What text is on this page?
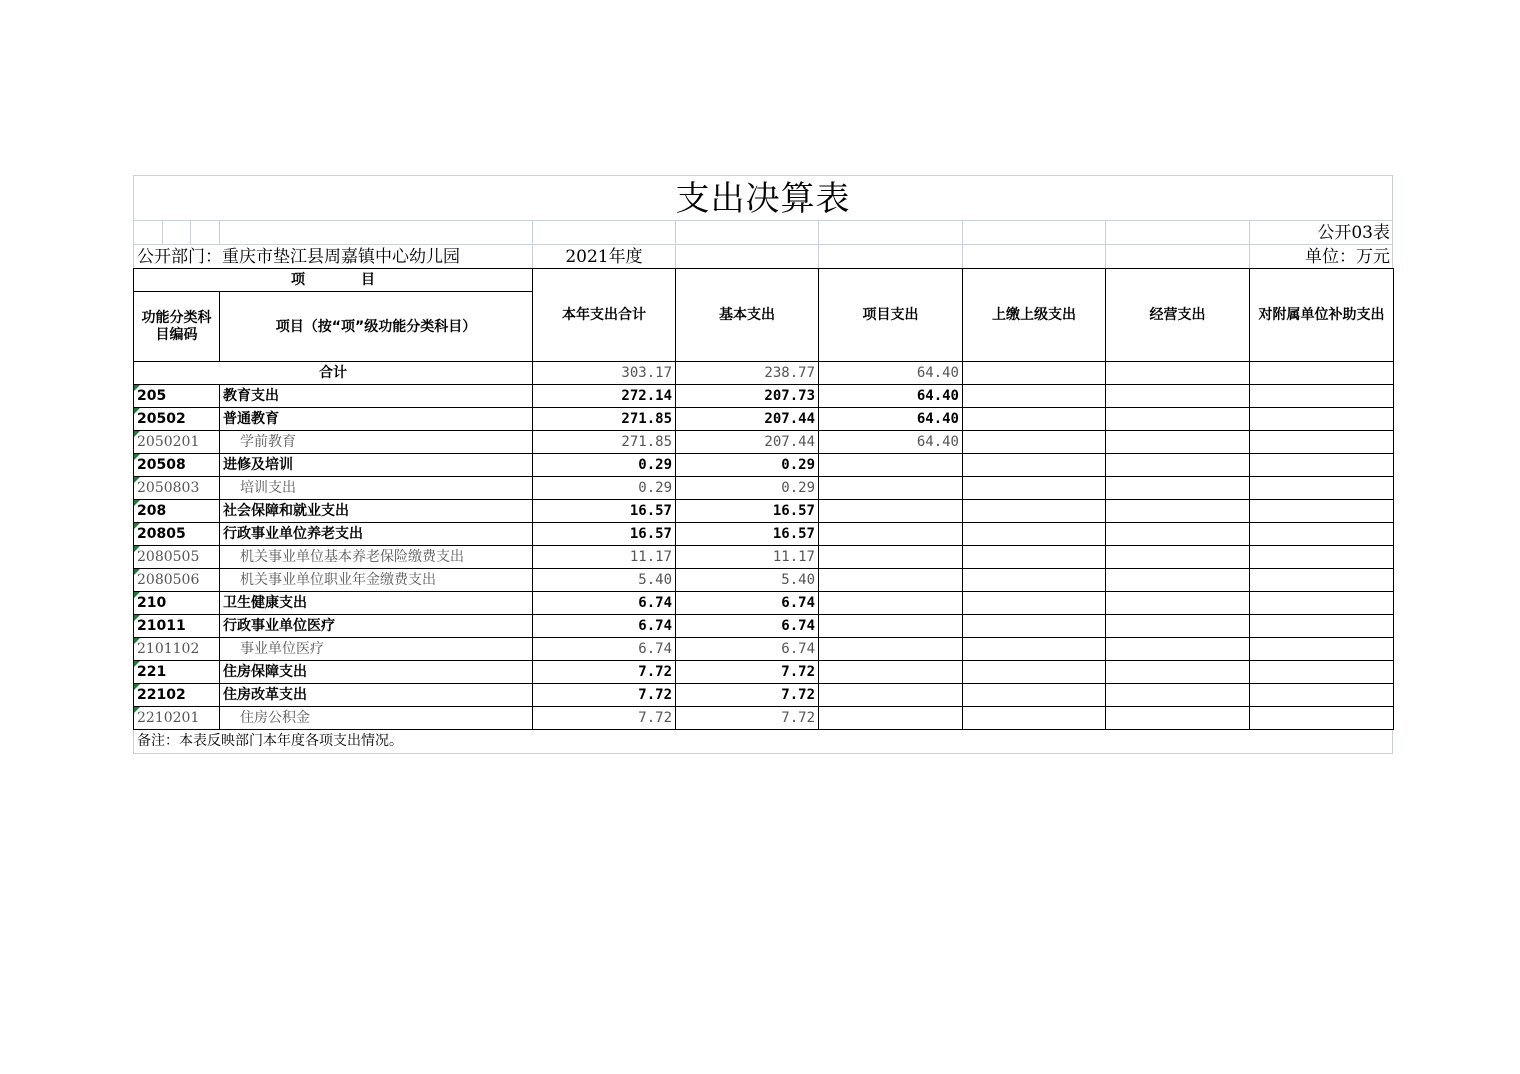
支出决算表
公开03表
公开部门：重庆市垫江县周嘉镇中心幼儿园	2021年度	单位：万元
项　　　　目		本年支出合计	基本支出	项目支出	上缴上级支出	经营支出	对附属单位补助支出
功能分类科目编码	项目（按“项”级功能分类科目）						
合计		303.17	238.77	64.40			
205	教育支出	272.14	207.73	64.40			
20502	普通教育	271.85	207.44	64.40			
2050201	学前教育	271.85	207.44	64.40			
20508	进修及培训	0.29	0.29				
2050803	培训支出	0.29	0.29				
208	社会保障和就业支出	16.57	16.57				
20805	行政事业单位养老支出	16.57	16.57				
2080505	机关事业单位基本养老保险缴费支出	11.17	11.17				
2080506	机关事业单位职业年金缴费支出	5.40	5.40				
210	卫生健康支出	6.74	6.74				
21011	行政事业单位医疗	6.74	6.74				
2101102	事业单位医疗	6.74	6.74				
221	住房保障支出	7.72	7.72				
22102	住房改革支出	7.72	7.72				
2210201	住房公积金	7.72	7.72				
备注：本表反映部门本年度各项支出情况。
